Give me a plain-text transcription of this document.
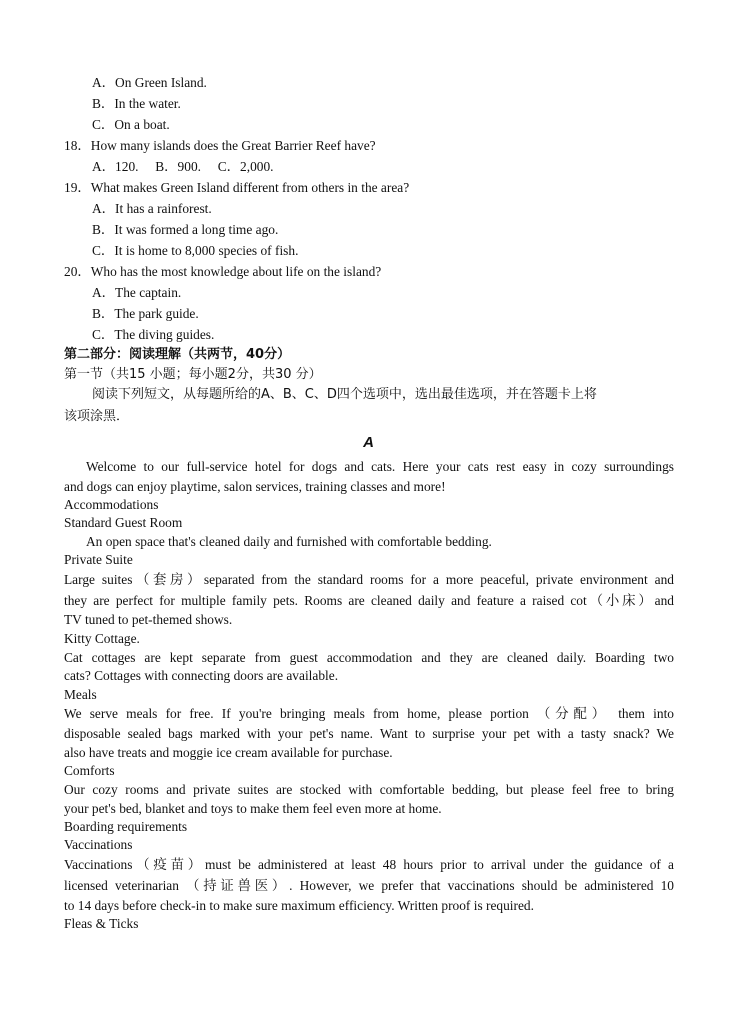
A．On Green Island.
B．In the water.
C．On a boat.
18．How many islands does the Great Barrier Reef have?
A．120.　 B．900.　 C．2,000.
19．What makes Green Island different from others in the area?
A．It has a rainforest.
B．It was formed a long time ago.
C．It is home to 8,000 species of fish.
20．Who has the most knowledge about life on the island?
A．The captain.
B．The park guide.
C．The diving guides.
第二部分：阅读理解（共两节，40分）
第一节（共15 小题；每小题2分，共30 分）
阅读下列短文，从每题所给的A、B、C、D四个选项中，选出最佳选项，并在答题卡上将
该项涂黑．
A
Welcome to our full-service hotel for dogs and cats. Here your cats rest easy in cozy surroundings
and dogs can enjoy playtime, salon services, training classes and more!
Accommodations
Standard Guest Room
An open space that's cleaned daily and furnished with comfortable bedding.
Private Suite
Large suites（套房）separated from the standard rooms for a more peaceful, private environment and
they are perfect for multiple family pets. Rooms are cleaned daily and feature a raised cot（小床）and
TV tuned to pet-themed shows.
Kitty Cottage.
Cat cottages are kept separate from guest accommodation and they are cleaned daily. Boarding two
cats? Cottages with connecting doors are available.
Meals
We serve meals for free. If you're bringing meals from home, please portion （分配） them into
disposable sealed bags marked with your pet's name. Want to surprise your pet with a tasty snack? We
also have treats and moggie ice cream available for purchase.
Comforts
Our cozy rooms and private suites are stocked with comfortable bedding, but please feel free to bring
your pet's bed, blanket and toys to make them feel even more at home.
Boarding requirements
Vaccinations
Vaccinations（疫苗）must be administered at least 48 hours prior to arrival under the guidance of a
licensed veterinarian （持证兽医）. However, we prefer that vaccinations should be administered 10
to 14 days before check-in to make sure maximum efficiency. Written proof is required.
Fleas & Ticks
